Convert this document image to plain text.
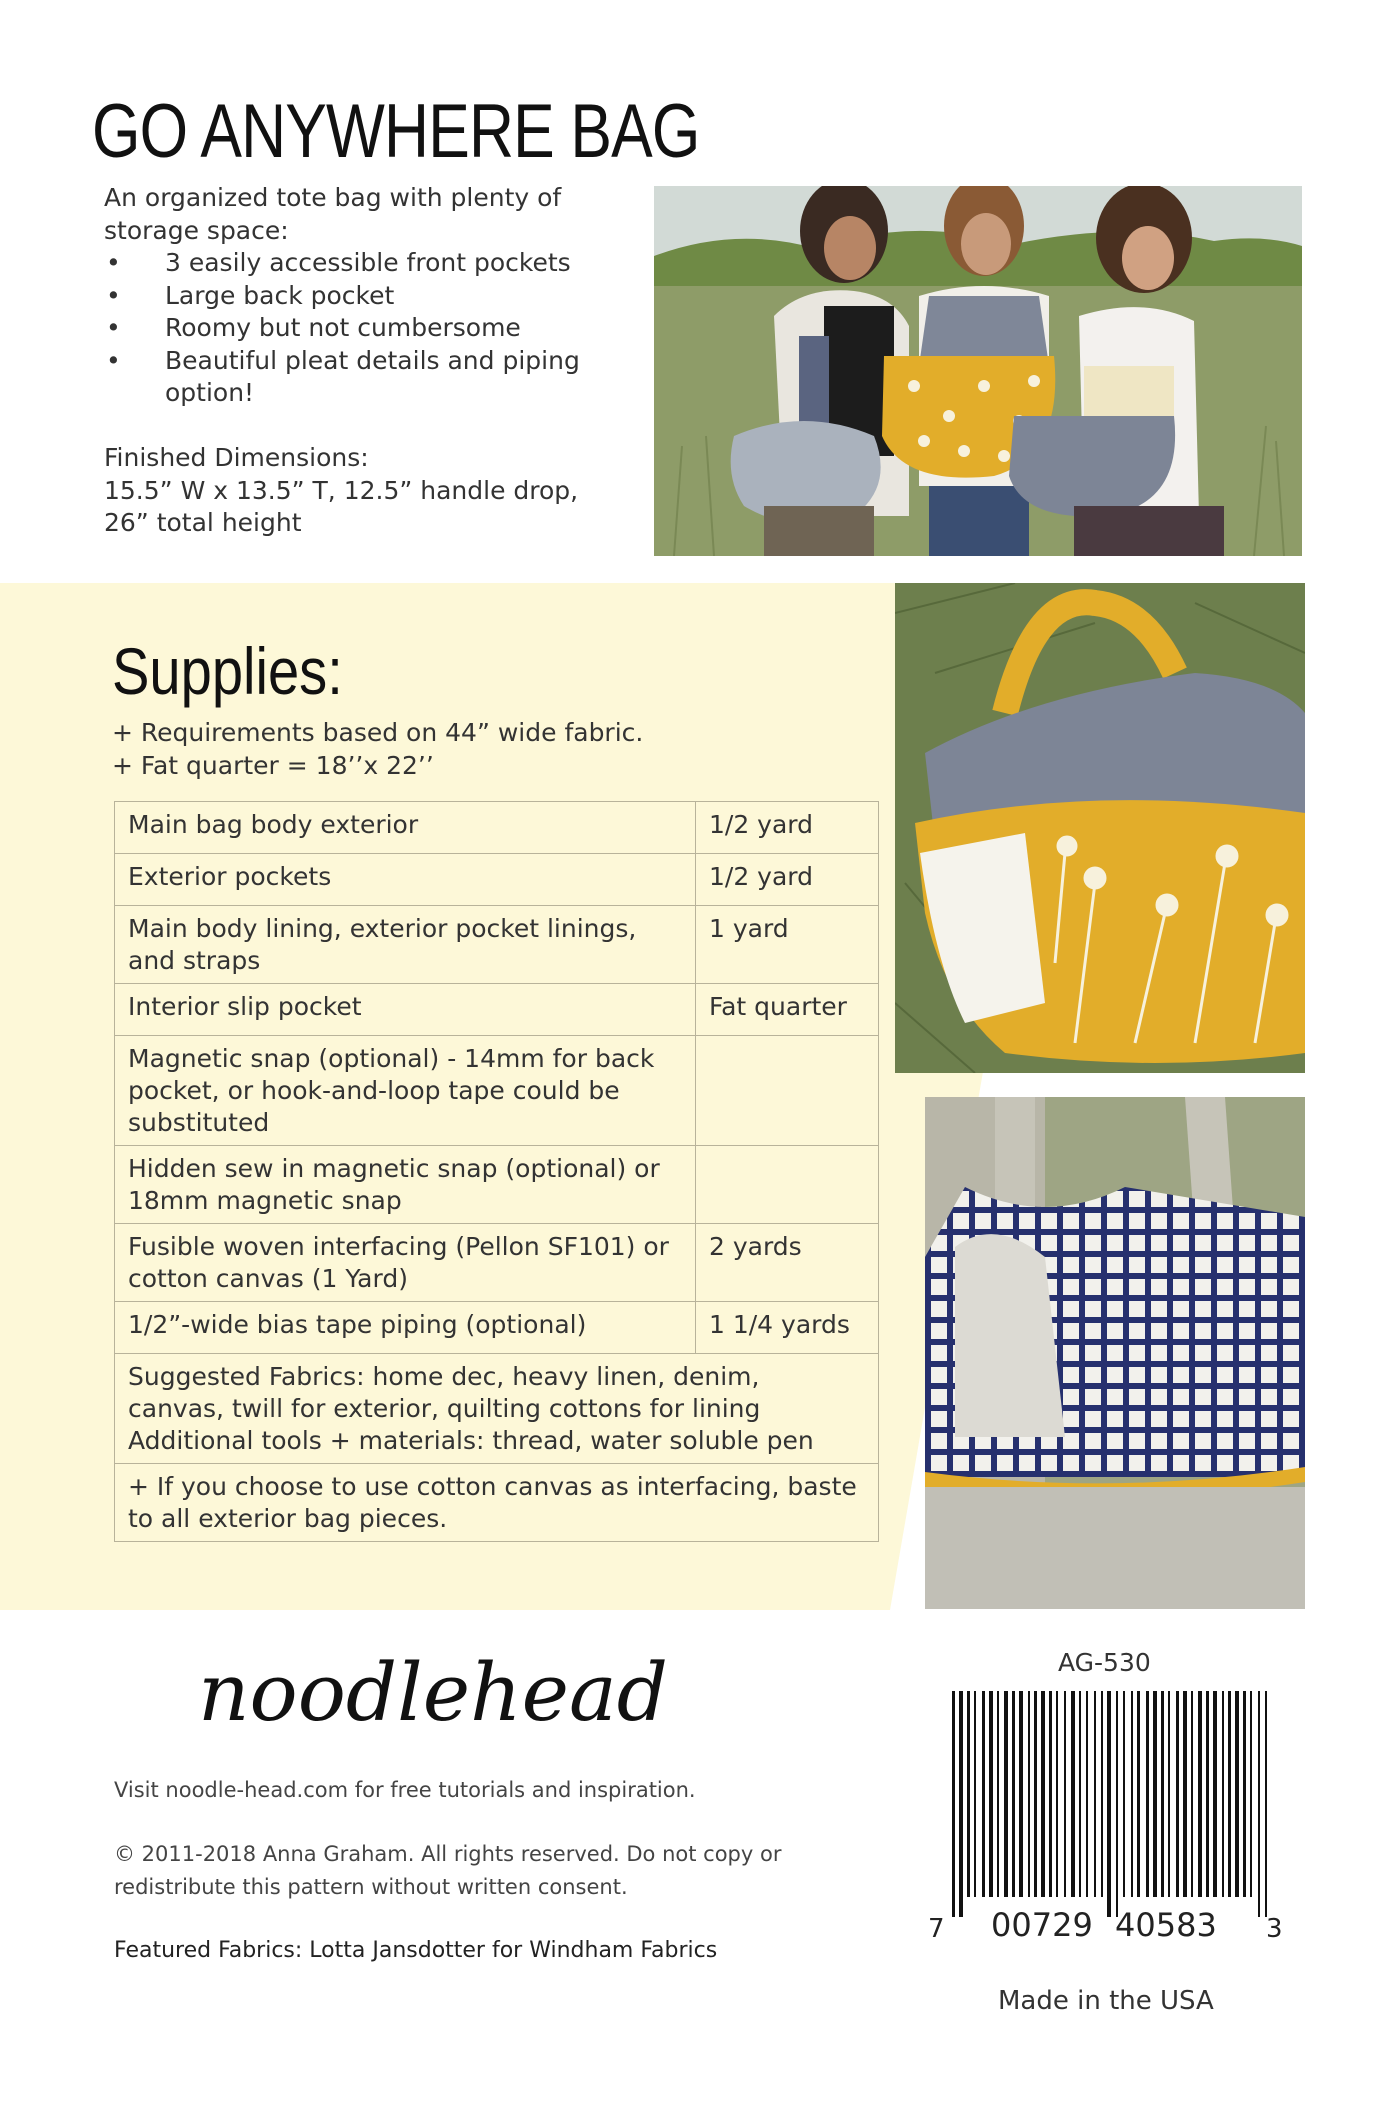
GO ANYWHERE BAG
An organized tote bag with plenty of storage space:
• 3 easily accessible front pockets
• Large back pocket
• Roomy but not cumbersome
• Beautiful pleat details and piping option!
Finished Dimensions:
15.5” W x 13.5” T, 12.5” handle drop,
26” total height
Supplies:
+ Requirements based on 44” wide fabric.
+ Fat quarter = 18’’x 22’’
Main bag body exterior	1/2 yard
Exterior pockets	1/2 yard
Main body lining, exterior pocket linings, and straps	1 yard
Interior slip pocket	Fat quarter
Magnetic snap (optional) - 14mm for back pocket, or hook-and-loop tape could be substituted	
Hidden sew in magnetic snap (optional) or 18mm magnetic snap	
Fusible woven interfacing (Pellon SF101) or cotton canvas (1 Yard)	2 yards
1/2”-wide bias tape piping (optional)	1 1/4 yards

Suggested Fabrics: home dec, heavy linen, denim,
canvas, twill for exterior, quilting cottons for lining
Additional tools + materials: thread, water soluble pen	

+ If you choose to use cotton canvas as interfacing, baste to all exterior bag pieces.	
noodlehead
Visit noodle-head.com for free tutorials and inspiration.
© 2011-2018 Anna Graham. All rights reserved. Do not copy or redistribute this pattern without written consent.
Featured Fabrics: Lotta Jansdotter for Windham Fabrics
AG-530
7 00729 40583 3
Made in the USA
